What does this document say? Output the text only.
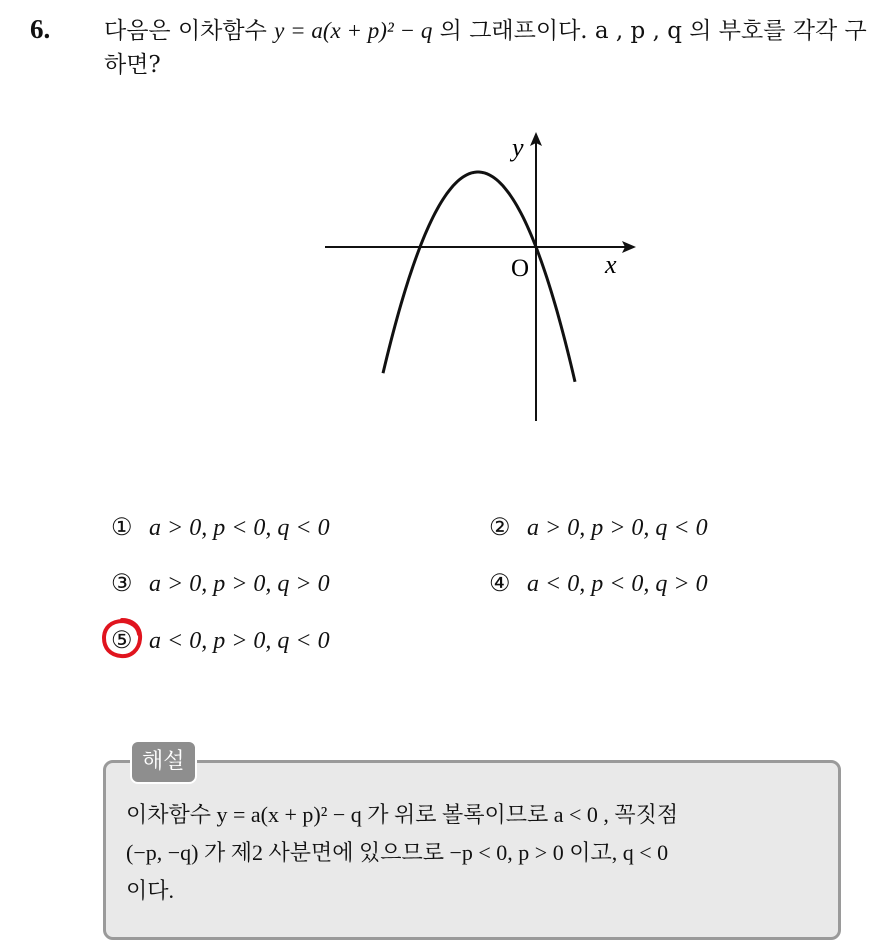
6. 다음은 이차함수 y = a(x + p)² − q 의 그래프이다. a , p , q 의 부호를 각각 구하면?
y
x
O
① a > 0, p < 0, q < 0	② a > 0, p > 0, q < 0
③ a > 0, p > 0, q > 0	④ a < 0, p < 0, q > 0
⑤ a < 0, p > 0, q < 0
해설
이차함수 y = a(x + p)² − q 가 위로 볼록이므로 a < 0 , 꼭짓점
(−p, −q) 가 제2 사분면에 있으므로 −p < 0, p > 0 이고, q < 0
이다.
